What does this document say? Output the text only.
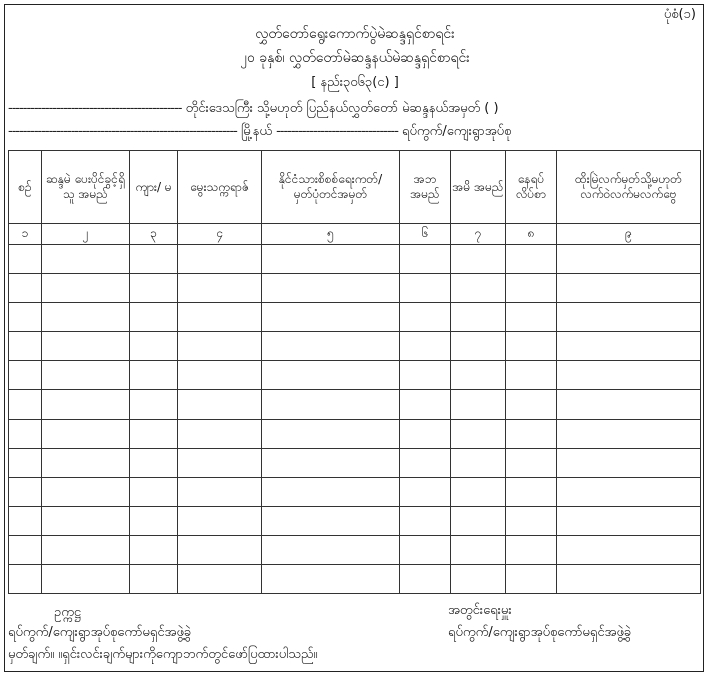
ပုံစံ(၁)
လွှတ်တော်ရွေးကောက်ပွဲမဲဆန္ဒရှင်စာရင်း
၂၀ ခုနှစ်၊ လွှတ်တော်မဲဆန္ဒနယ်မဲဆန္ဒရှင်စာရင်း
[ နည်း၃၀၆၃(င) ]
----------------------------------------------- တိုင်းဒေသကြီး သို့မဟုတ် ပြည်နယ်လွှတ်တော် မဲဆန္ဒနယ်အမှတ် ( )
-------------------------------------------------------------- မြို့နယ် --------------------------------- ရပ်ကွက်/ကျေးရွာအုပ်စု
စဉ်	ဆန္ဒမဲ ပေးပိုင်ခွင့်ရှိသူ အမည်	ကျား/ မ	မွေးသက္ကရာဇ်	နိုင်ငံသားစိစစ်ရေးကတ်/ မှတ်ပုံတင်အမှတ်	အဘ အမည်	အမိ အမည်	နေရပ် လိပ်စာ	ထိုးမြဲလက်မှတ်သို့မဟုတ် လက်ဝဲလက်မလက်ဗွေ
၁	၂	၃	၄	၅	၆	၇	၈	၉

ဥက္ကဋ္ဌ
ရပ်ကွက်/ကျေးရွာအုပ်စုကော်မရှင်အဖွဲ့ခွဲ
မှတ်ချက်။ ။ရှင်းလင်းချက်များကိုကျောဘက်တွင်ဖော်ပြထားပါသည်။
အတွင်းရေးမှူး
ရပ်ကွက်/ကျေးရွာအုပ်စုကော်မရှင်အဖွဲ့ခွဲ
